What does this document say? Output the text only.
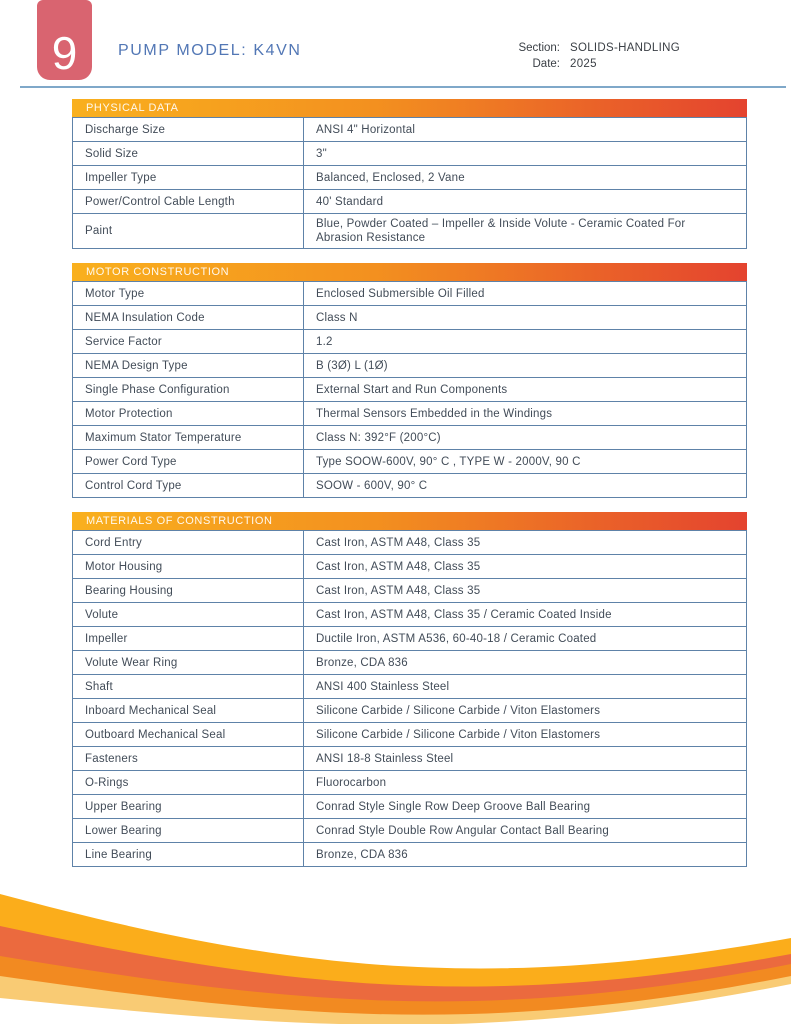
9	PUMP MODEL: K4VN	Section: SOLIDS-HANDLING
Date: 2025
PHYSICAL DATA
Discharge Size	ANSI 4" Horizontal
Solid Size	3"
Impeller Type	Balanced, Enclosed, 2 Vane
Power/Control Cable Length	40' Standard
Paint	Blue, Powder Coated – Impeller & Inside Volute - Ceramic Coated For Abrasion Resistance
MOTOR CONSTRUCTION
Motor Type	Enclosed Submersible Oil Filled
NEMA Insulation Code	Class N
Service Factor	1.2
NEMA Design Type	B (3Ø) L (1Ø)
Single Phase Configuration	External Start and Run Components
Motor Protection	Thermal Sensors Embedded in the Windings
Maximum Stator Temperature	Class N: 392°F (200°C)
Power Cord Type	Type SOOW-600V, 90° C , TYPE W - 2000V, 90 C
Control Cord Type	SOOW - 600V, 90° C
MATERIALS OF CONSTRUCTION
Cord Entry	Cast Iron, ASTM A48, Class 35
Motor Housing	Cast Iron, ASTM A48, Class 35
Bearing Housing	Cast Iron, ASTM A48, Class 35
Volute	Cast Iron, ASTM A48, Class 35 / Ceramic Coated Inside
Impeller	Ductile Iron, ASTM A536, 60-40-18 / Ceramic Coated
Volute Wear Ring	Bronze, CDA 836
Shaft	ANSI 400 Stainless Steel
Inboard Mechanical Seal	Silicone Carbide / Silicone Carbide / Viton Elastomers
Outboard Mechanical Seal	Silicone Carbide / Silicone Carbide / Viton Elastomers
Fasteners	ANSI 18-8 Stainless Steel
O-Rings	Fluorocarbon
Upper Bearing	Conrad Style Single Row Deep Groove Ball Bearing
Lower Bearing	Conrad Style Double Row Angular Contact Ball Bearing
Line Bearing	Bronze, CDA 836
